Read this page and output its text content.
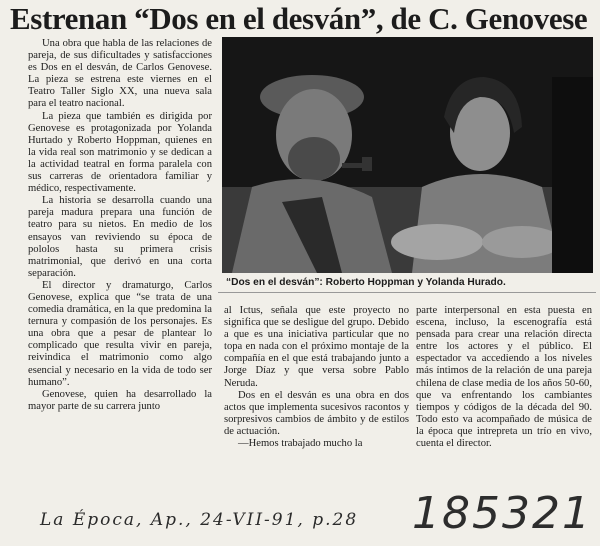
Estrenan “Dos en el desván”, de C. Genovese

Una obra que habla de las relaciones de pareja, de sus dificultades y satisfacciones es Dos en el desván, de Carlos Genovese. La pieza se estrena este viernes en el Teatro Taller Siglo XX, una nueva sala para el teatro nacional.

La pieza que también es dirigida por Genovese es protagonizada por Yolanda Hurtado y Roberto Hoppman, quienes en la vida real son matrimonio y se dedican a la actividad teatral en forma paralela con sus carreras de orientadora familiar y médico, respectivamente.

La historia se desarrolla cuando una pareja madura prepara una función de teatro para su nietos. En medio de los ensayos van reviviendo su época de pololos hasta su primera crisis matrimonial, que derivó en una corta separación.

El director y dramaturgo, Carlos Genovese, explica que “se trata de una comedia dramática, en la que predomina la ternura y compasión de los personajes. Es una obra que a pesar de plantear lo complicado que resulta vivir en pareja, reivindica el matrimonio como algo esencial y necesario en la vida de todo ser humano”.

Genovese, quien ha desarrollado la mayor parte de su carrera junto

“Dos en el desván”: Roberto Hoppman y Yolanda Hurado.

al Ictus, señala que este proyecto no significa que se desligue del grupo. Debido a que es una iniciativa particular que no topa en nada con el próximo montaje de la compañía en el que está trabajando junto a Jorge Díaz y que versa sobre Pablo Neruda.

Dos en el desván es una obra en dos actos que implementa sucesivos racontos y sorpresivos cambios de ámbito y de estilos de actuación.

—Hemos trabajado mucho la

parte interpersonal en esta puesta en escena, incluso, la escenografía está pensada para crear una relación directa entre los actores y el público. El espectador va accediendo a los niveles más íntimos de la relación de una pareja chilena de clase media de los años 50-60, que va enfrentando los cambiantes tiempos y códigos de la década del 90. Todo esto va acompañado de música de la época que intrepreta un trío en vivo, cuenta el director.

La Época, Ap., 24-VII-91, p.28	185321
